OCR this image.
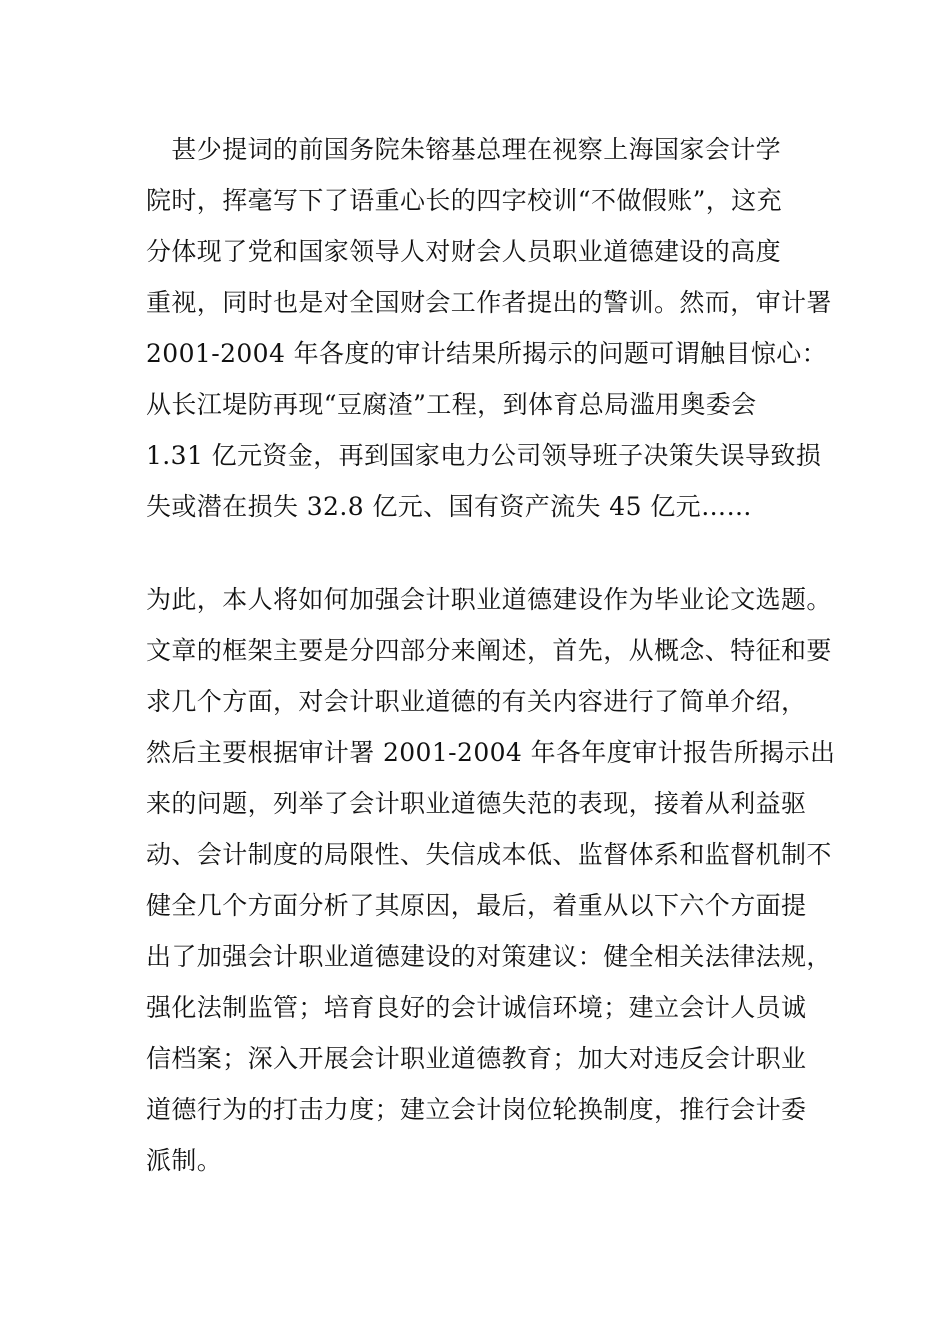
　甚少提词的前国务院朱镕基总理在视察上海国家会计学
院时，挥毫写下了语重心长的四字校训“不做假账”，这充
分体现了党和国家领导人对财会人员职业道德建设的高度
重视，同时也是对全国财会工作者提出的警训。然而，审计署
2001-2004 年各度的审计结果所揭示的问题可谓触目惊心：
从长江堤防再现“豆腐渣”工程，到体育总局滥用奥委会
1.31 亿元资金，再到国家电力公司领导班子决策失误导致损
失或潜在损失 32.8 亿元、国有资产流失 45 亿元……
为此，本人将如何加强会计职业道德建设作为毕业论文选题。
文章的框架主要是分四部分来阐述，首先，从概念、特征和要
求几个方面，对会计职业道德的有关内容进行了简单介绍，
然后主要根据审计署 2001-2004 年各年度审计报告所揭示出
来的问题，列举了会计职业道德失范的表现，接着从利益驱
动、会计制度的局限性、失信成本低、监督体系和监督机制不
健全几个方面分析了其原因，最后，着重从以下六个方面提
出了加强会计职业道德建设的对策建议：健全相关法律法规，
强化法制监管；培育良好的会计诚信环境；建立会计人员诚
信档案；深入开展会计职业道德教育；加大对违反会计职业
道德行为的打击力度；建立会计岗位轮换制度，推行会计委
派制。
